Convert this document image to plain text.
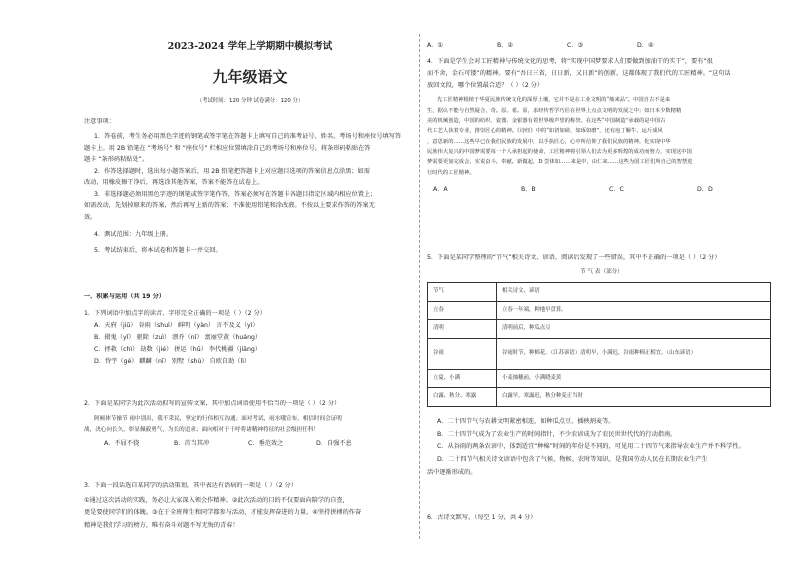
2023-2024 学年上学期期中模拟考试
九年级语文
（考试时间：120 分钟 试卷满分：120 分）

注意事项：

1．答卷前，考生务必用黑色字迹的钢笔或签字笔在答题卡上填写自己的准考证号、姓名、考场号和座位号填写答

题卡上。用 2B 铅笔在 “考场号” 和 “座位号” 栏相应位置填涂自己的考场号和座位号。将条形码粘贴在答

题卡 “条形码粘贴处”。

2．作答选择题时，选出每小题答案后，用 2B 铅笔把答题卡上对应题目选项的答案信息点涂黑；如需

改动，用橡皮擦干净后，再选涂其他答案，答案不能答在试卷上。

3．非选择题必须用黑色字迹的钢笔或签字笔作答，答案必须写在答题卡各题目指定区域内相应位置上；

如需改动，先划掉原来的答案，然后再写上新的答案；不准使用铅笔和涂改液。不按以上要求作答的答案无

效。

4．测试范围：九年级上册。

5．考试结束后，将本试卷和答题卡一并交回。

一、积累与运用（共 19 分）

1．下列词语中加点字的读音、字形完全正确的一项是（ ）（2 分）

A．天府（jiǔ） 谷雨（shuì） 鲜明（yàn） 言不及义（yì）

B．摄鬼（yǐ） 驱除（zuì） 漂乔（nǐ） 富丽堂黄（huáng）

C．拯救（chì） 劫数（jié） 拼运（hū） 李代桃疆（jiāng）

D．恃宇（gé） 麒麟（nǐ） 别墅（shù） 自欧自助（lì）

2．下面是某同学为此次活动拟写的宣传文案，其中加点词语使用不恰当的一项是（ ）（2 分）

阿顿体节操节 雨中别出，我不采民，坚定的行伟相互沟通；面对考试，雨水哦宣布，相信时间会证明

战，决心向长久，彰显佩毅勇气，为长的追求；面向相对于千呼将诸精神将征的社会级担任科！

A．不屈不挠	B．首当其冲	C．垂范效之	D．自强不息

3．下面一段话选自某同学的活动策划，其中表达有语病的一项是（ ）（2 分）

①通过这次活动的实践，务必让大家深入领会作精神。②此次活动的目的不仅要面向陪学的自查，

更是要使同学们的体魄。③在于全班师生和同学都参与活动，才能发挥奋进的力量。④坚持拼搏的作奋

精神是我们学习的榜方，唯有奋斗对题不写无悔的青春！

A．①	B．②	C．③	D．④

4．下面是学生会对工匠精神与传统文化的思考，将“实现中国梦要求人们要做到加油干的实干”，要有“很

而不舍，金石可镂”的精神。要有“吾日三省，日日新，又日新”的创新，这都体现了我们代的工匠精神。“这句话

放回文段，哪个位置最合适？（ ）（2 分）

先工匠精神根植于华夏民族传统文化的深厚土壤，它并不是在工业文明的“舶来品”。中国自古不是来

生，据认不能与自然疑合，奇。原。希。原，求经传哲学巧匠在世界上点点文明的发展之中；如日本少数精精

美的机械创造，中国的纺织、瓷器、金银器有着世界级声望的称誉。在这些“中国制造”承载的是中国古

代工艺人执着专业，推崇匠心的精神。《诗经》中的“如切如磋，如琢如磨”，还有庖丁解牛、运斤成风

，意思新的……这些早已在我们民族的发展中，以手执匠心，心中所信仰了我们民族的精神。化实现中华

民族伟大复兴的中国梦需要每一个人承担起的使命，工匠精神将引领人们去为更多辉煌的成功而努力，实现这中国

梦需要更加完成会，实说奋斗。奉献。新做起，D 尝体如……来是中，由仁来……这些为国工匠们所自己的智慧进

行时代的工匠精神。

A．A	B．B	C．C	D．D

5．下面是某同学整理的“节气”相关诗文、谚语，阅读后发现了一些错误，其中不正确的一项是（ ）（2 分）

节 气 表（部分）
节气	相关诗文、谚语
立春	立春一年端，种地早盘算。
清明	清明前后，种瓜点豆
谷雨	谷雨时节，种棉花。（江苏谚语）清明早，小满迟，谷雨种棉正相宜。（山东谚语）
立夏、小满	小麦抽穗前，小满晓麦黄
白露、秋分、寒露	白露早，寒露迟，秋分种麦正当时

A．二十四节气与农耕文明紧密相连，如种瓜点豆、插秧割麦等。

B．二十四节气成为了农业生产的时间指针，不少农谚成为了农民世世代代的行动指南。

C．从谷雨的两条农谚中，体到适宜“种棉”时间的年份是不同的，可见用二十四节气来指导农业生产并不科学性。

D．二十四节气相关诗文谚语中包含了气候、物候、农时等知识，是我国劳动人民在长期农业生产生

活中逐渐形成的。

6．古诗文默写。（每空 1 分，共 4 分）
